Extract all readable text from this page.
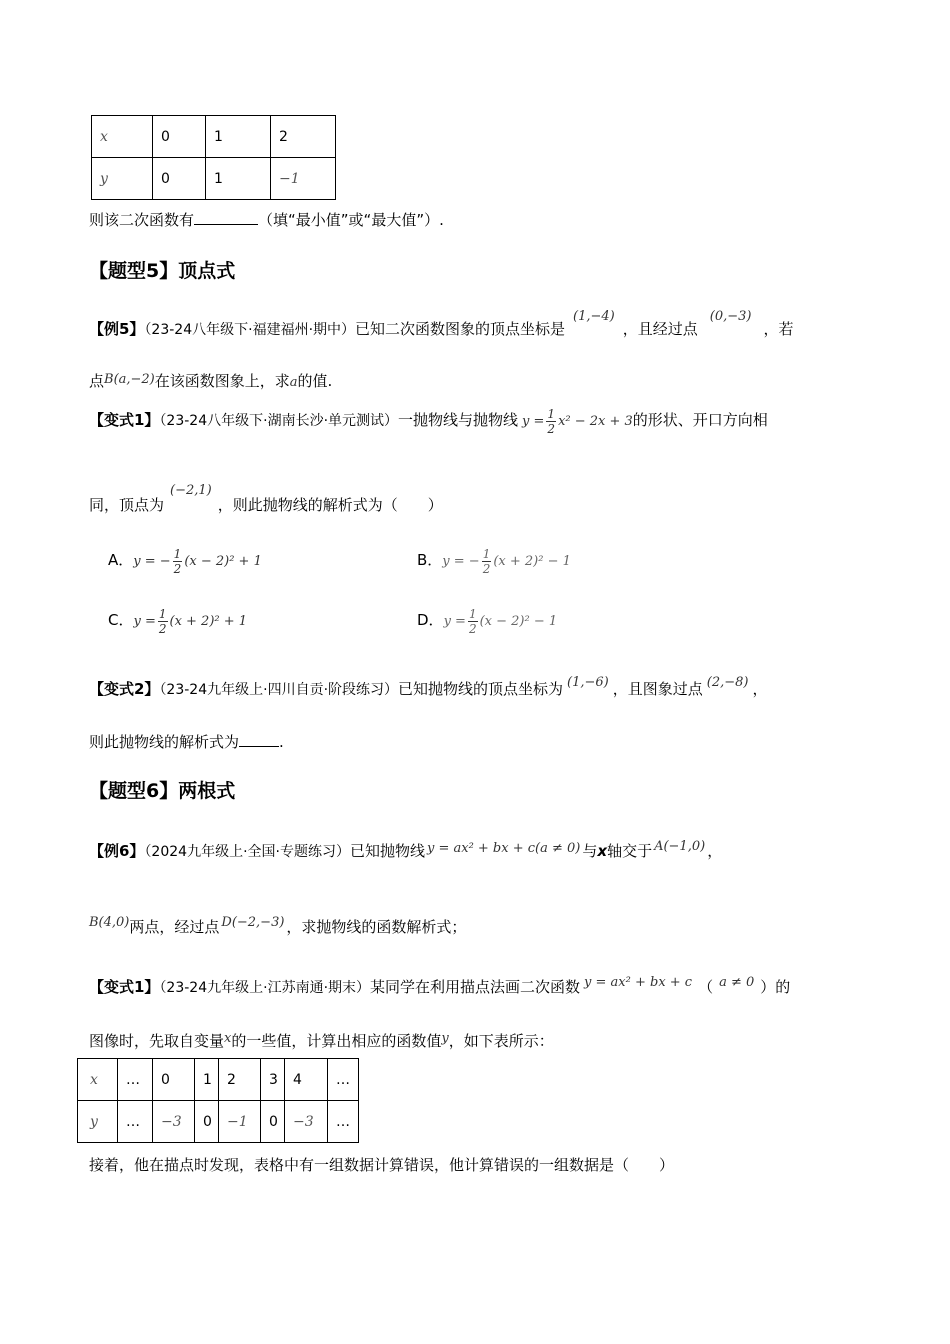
x	0	1	2
y	0	1	−1
则该二次函数有	（填“最小值”或“最大值”）.
【题型5】顶点式
【例5】（23-24八年级下·福建福州·期中）已知二次函数图象的顶点坐标是(1,−4)，且经过点(0,−3)，若
点B(a,−2)在该函数图象上，求a的值.
【变式1】（23-24八年级下·湖南长沙·单元测试）一抛物线与抛物线 $y = \frac{1}{2} x^2 - 2x + 3$的形状、开口方向相
同，顶点为(−2,1)，则此抛物线的解析式为（　　）
A．y = − $\frac{1}{2} (x - 2)^2 + 1$	B．y = − $\frac{1}{2} (x + 2)^2 - 1$
C．$y = \frac{1}{2} (x + 2)^2 + 1$	D．$y = \frac{1}{2} (x - 2)^2 - 1$
【变式2】（23-24九年级上·四川自贡·阶段练习）已知抛物线的顶点坐标为 (1,−6) ，且图象过点 (2,−8) ，
则此抛物线的解析式为	.
【题型6】两根式
【例6】（2024九年级上·全国·专题练习）已知抛物线 y = ax² + bx + c(a ≠ 0) 与x轴交于 A(−1,0) ，
B(4,0)两点，经过点 D(−2,−3) ，求抛物线的函数解析式；
【变式1】（23-24九年级上·江苏南通·期末）某同学在利用描点法画二次函数 y = ax² + bx + c （ a ≠ 0 ）的
图像时，先取自变量x的一些值，计算出相应的函数值y，如下表所示：
x	…	0	1	2	3	4	…
y	…	−3	0	−1	0	−3	…
接着，他在描点时发现，表格中有一组数据计算错误，他计算错误的一组数据是（　　）
